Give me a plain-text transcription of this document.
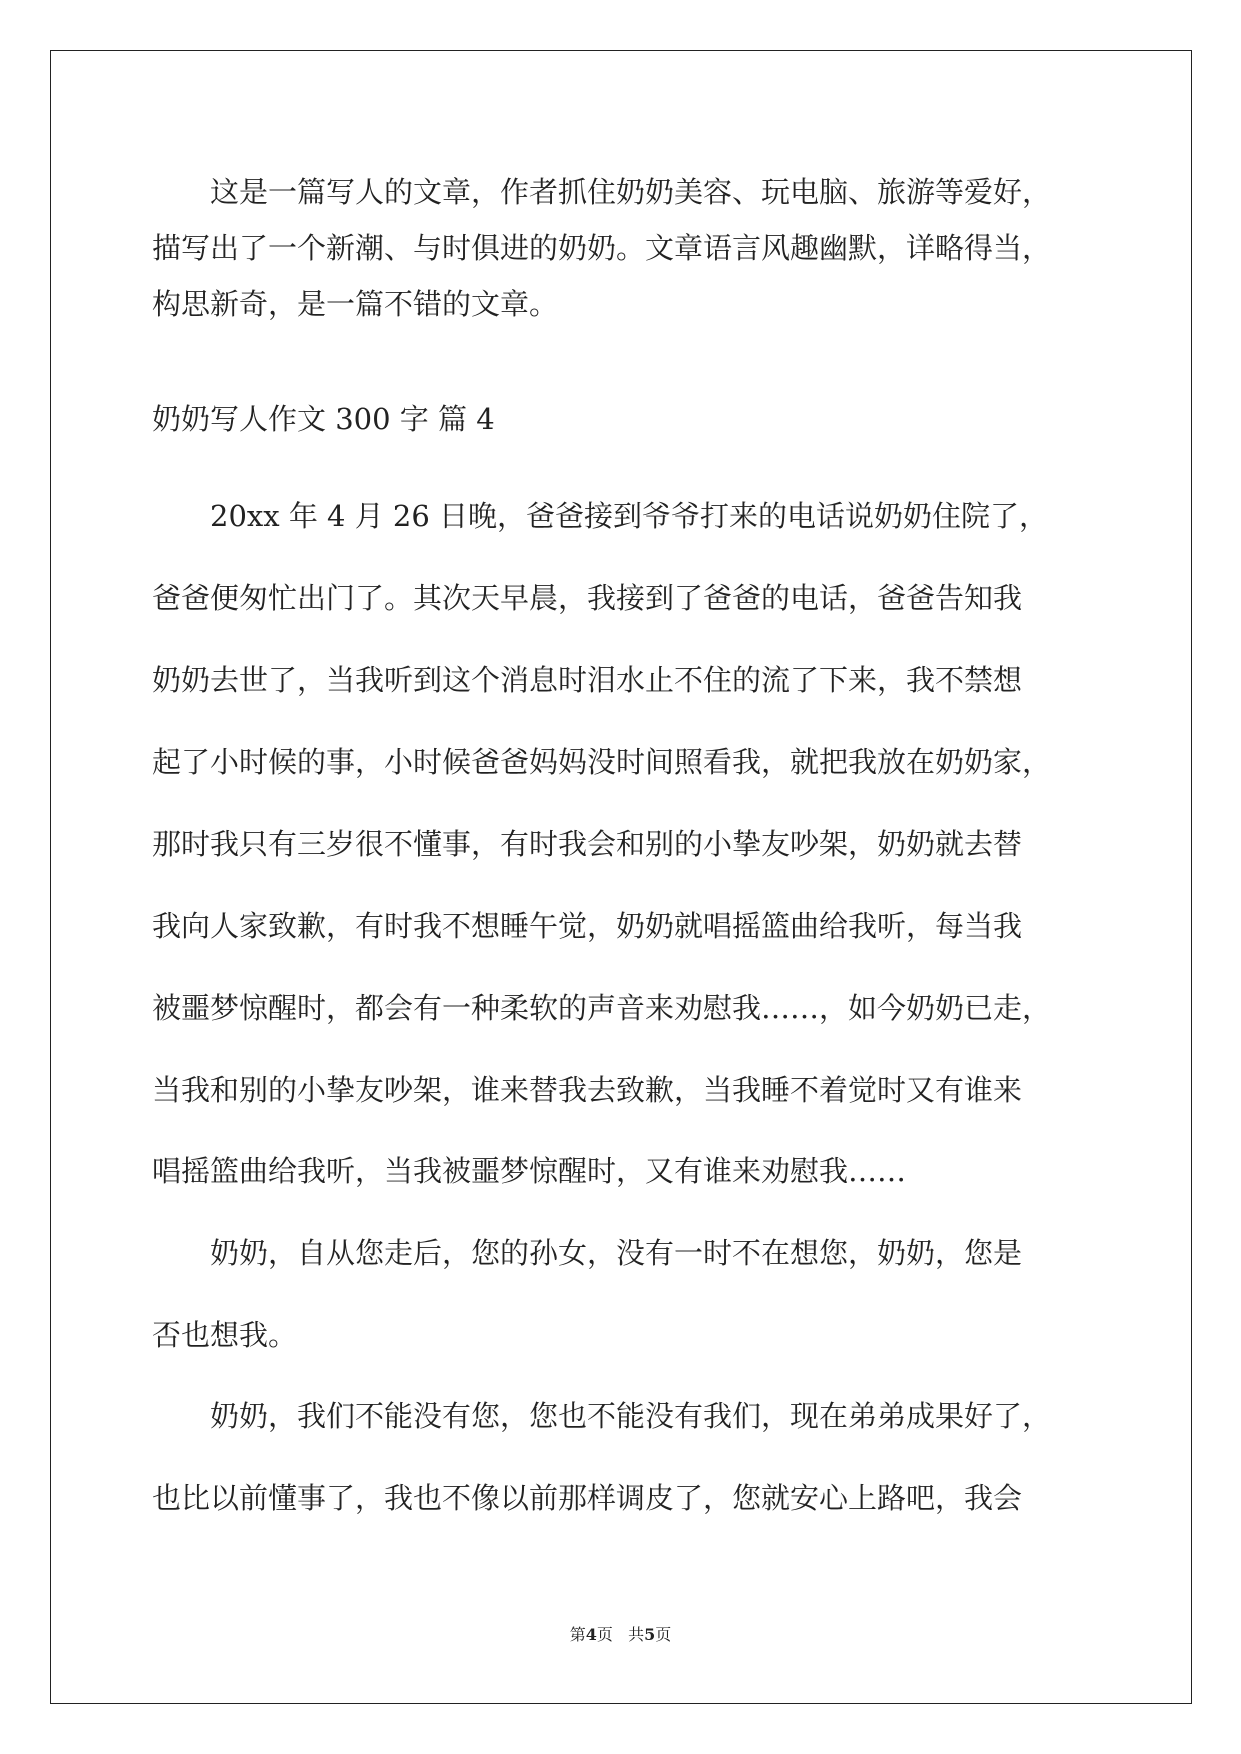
　　这是一篇写人的文章，作者抓住奶奶美容、玩电脑、旅游等爱好，

描写出了一个新潮、与时俱进的奶奶。文章语言风趣幽默，详略得当，

构思新奇，是一篇不错的文章。

奶奶写人作文 300 字 篇 4

　　20xx 年 4 月 26 日晚，爸爸接到爷爷打来的电话说奶奶住院了，

爸爸便匆忙出门了。其次天早晨，我接到了爸爸的电话，爸爸告知我

奶奶去世了，当我听到这个消息时泪水止不住的流了下来，我不禁想

起了小时候的事，小时候爸爸妈妈没时间照看我，就把我放在奶奶家，

那时我只有三岁很不懂事，有时我会和别的小挚友吵架，奶奶就去替

我向人家致歉，有时我不想睡午觉，奶奶就唱摇篮曲给我听，每当我

被噩梦惊醒时，都会有一种柔软的声音来劝慰我……，如今奶奶已走，

当我和别的小挚友吵架，谁来替我去致歉，当我睡不着觉时又有谁来

唱摇篮曲给我听，当我被噩梦惊醒时，又有谁来劝慰我……

　　奶奶，自从您走后，您的孙女，没有一时不在想您，奶奶，您是

否也想我。

　　奶奶，我们不能没有您，您也不能没有我们，现在弟弟成果好了，

也比以前懂事了，我也不像以前那样调皮了，您就安心上路吧，我会

第4页 共5页
